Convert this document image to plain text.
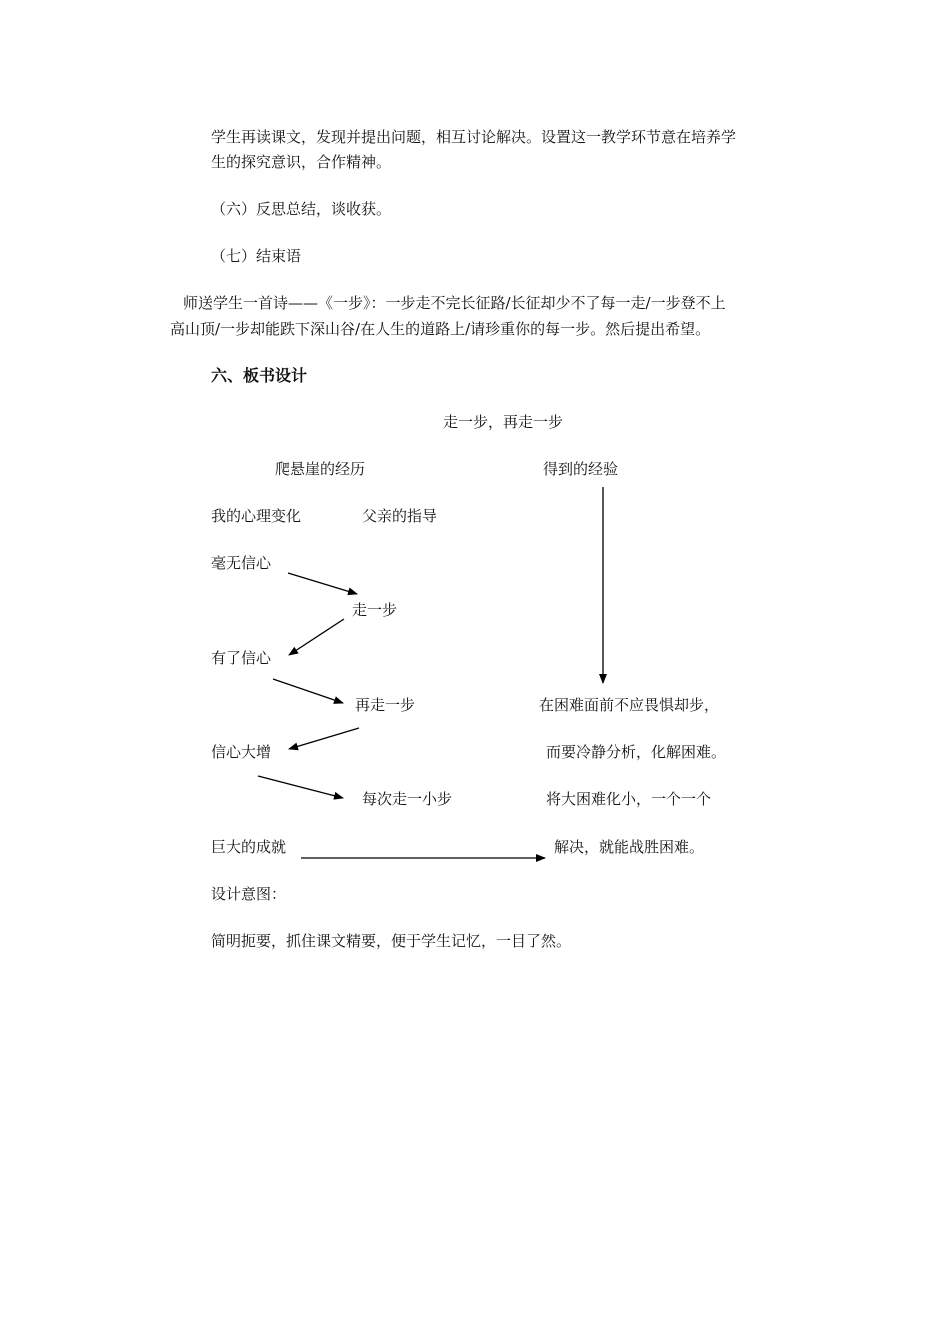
学生再读课文，发现并提出问题，相互讨论解决。设置这一教学环节意在培养学
生的探究意识，合作精神。
（六）反思总结，谈收获。
（七）结束语
师送学生一首诗——《一步》：一步走不完长征路/长征却少不了每一走/一步登不上
高山顶/一步却能跌下深山谷/在人生的道路上/请珍重你的每一步。然后提出希望。
六、板书设计
走一步，再走一步
爬悬崖的经历	得到的经验
我的心理变化	父亲的指导
毫无信心
走一步
有了信心
再走一步
信心大增
每次走一小步
巨大的成就
在困难面前不应畏惧却步，
而要冷静分析，化解困难。
将大困难化小，一个一个
解决，就能战胜困难。
设计意图：
简明扼要，抓住课文精要，便于学生记忆，一目了然。
